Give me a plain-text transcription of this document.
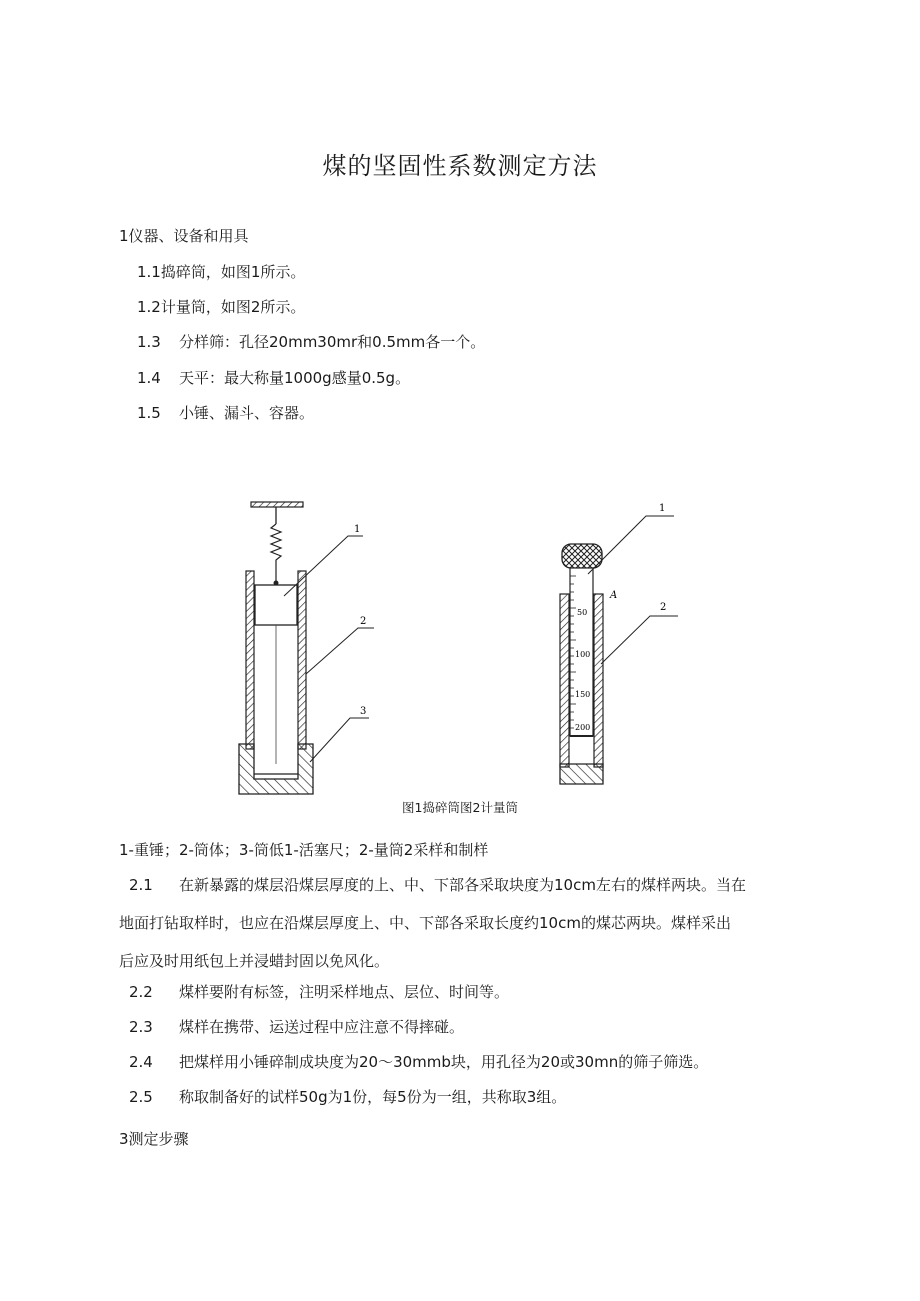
煤的坚固性系数测定方法
1仪器、设备和用具
1.1捣碎筒，如图1所示。
1.2计量筒，如图2所示。
1.3 分样筛：孔径20mm30mr和0.5mm各一个。
1.4 天平：最大称量1000g感量0.5g。
1.5 小锤、漏斗、容器。
1
2
3
50
100
150
200
1
2
A
图1捣碎筒图2计量筒
1-重锤；2-筒体；3-筒低1-活塞尺；2-量筒2采样和制样
2.1 在新暴露的煤层沿煤层厚度的上、中、下部各采取块度为10cm左右的煤样两块。当在
地面打钻取样时，也应在沿煤层厚度上、中、下部各采取长度约10cm的煤芯两块。煤样采出
后应及时用纸包上并浸蜡封固以免风化。
2.2 煤样要附有标签，注明采样地点、层位、时间等。
2.3 煤样在携带、运送过程中应注意不得摔碰。
2.4 把煤样用小锤碎制成块度为20～30mmb块，用孔径为20或30mn的筛子筛选。
2.5 称取制备好的试样50g为1份，每5份为一组，共称取3组。
3测定步骤
